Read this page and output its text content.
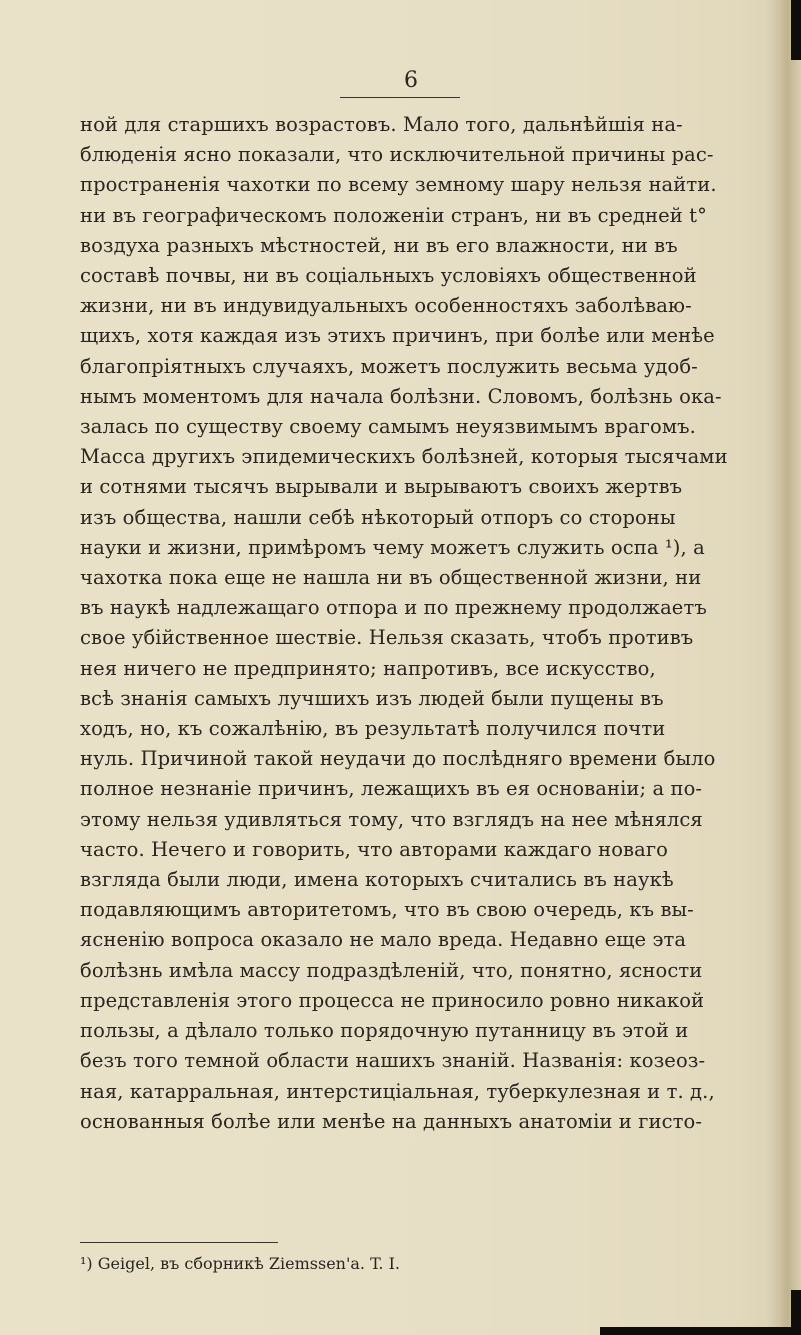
6
ной для старшихъ возрастовъ. Мало того, дальнѣйшія на-
блюденія ясно показали, что исключительной причины рас-
пространенія чахотки по всему земному шару нельзя найти.
ни въ географическомъ положеніи странъ, ни въ средней t°
воздуха разныхъ мѣстностей, ни въ его влажности, ни въ
составѣ почвы, ни въ соціальныхъ условіяхъ общественной
жизни, ни въ индувидуальныхъ особенностяхъ заболѣваю-
щихъ, хотя каждая изъ этихъ причинъ, при болѣе или менѣе
благопріятныхъ случаяхъ, можетъ послужить весьма удоб-
нымъ моментомъ для начала болѣзни. Словомъ, болѣзнь ока-
залась по существу своему самымъ неуязвимымъ врагомъ.
Масса другихъ эпидемическихъ болѣзней, которыя тысячами
и сотнями тысячъ вырывали и вырываютъ своихъ жертвъ
изъ общества, нашли себѣ нѣкоторый отпоръ со стороны
науки и жизни, примѣромъ чему можетъ служить оспа ¹), а
чахотка пока еще не нашла ни въ общественной жизни, ни
въ наукѣ надлежащаго отпора и по прежнему продолжаетъ
свое убійственное шествіе. Нельзя сказать, чтобъ противъ
нея ничего не предпринято; напротивъ, все искусство,
всѣ знанія самыхъ лучшихъ изъ людей были пущены въ
ходъ, но, къ сожалѣнію, въ результатѣ получился почти
нуль. Причиной такой неудачи до послѣдняго времени было
полное незнаніе причинъ, лежащихъ въ ея основаніи; а по-
этому нельзя удивляться тому, что взглядъ на нее мѣнялся
часто. Нечего и говорить, что авторами каждаго новаго
взгляда были люди, имена которыхъ считались въ наукѣ
подавляющимъ авторитетомъ, что въ свою очередь, къ вы-
ясненію вопроса оказало не мало вреда. Недавно еще эта
болѣзнь имѣла массу подраздѣленій, что, понятно, ясности
представленія этого процесса не приносило ровно никакой
пользы, а дѣлало только порядочную путанницу въ этой и
безъ того темной области нашихъ знаній. Названія: козеоз-
ная, катарральная, интерстиціальная, туберкулезная и т. д.,
основанныя болѣе или менѣе на данныхъ анатоміи и гисто-
¹) Geigel, въ сборникѣ Ziemssen'a. T. I.
